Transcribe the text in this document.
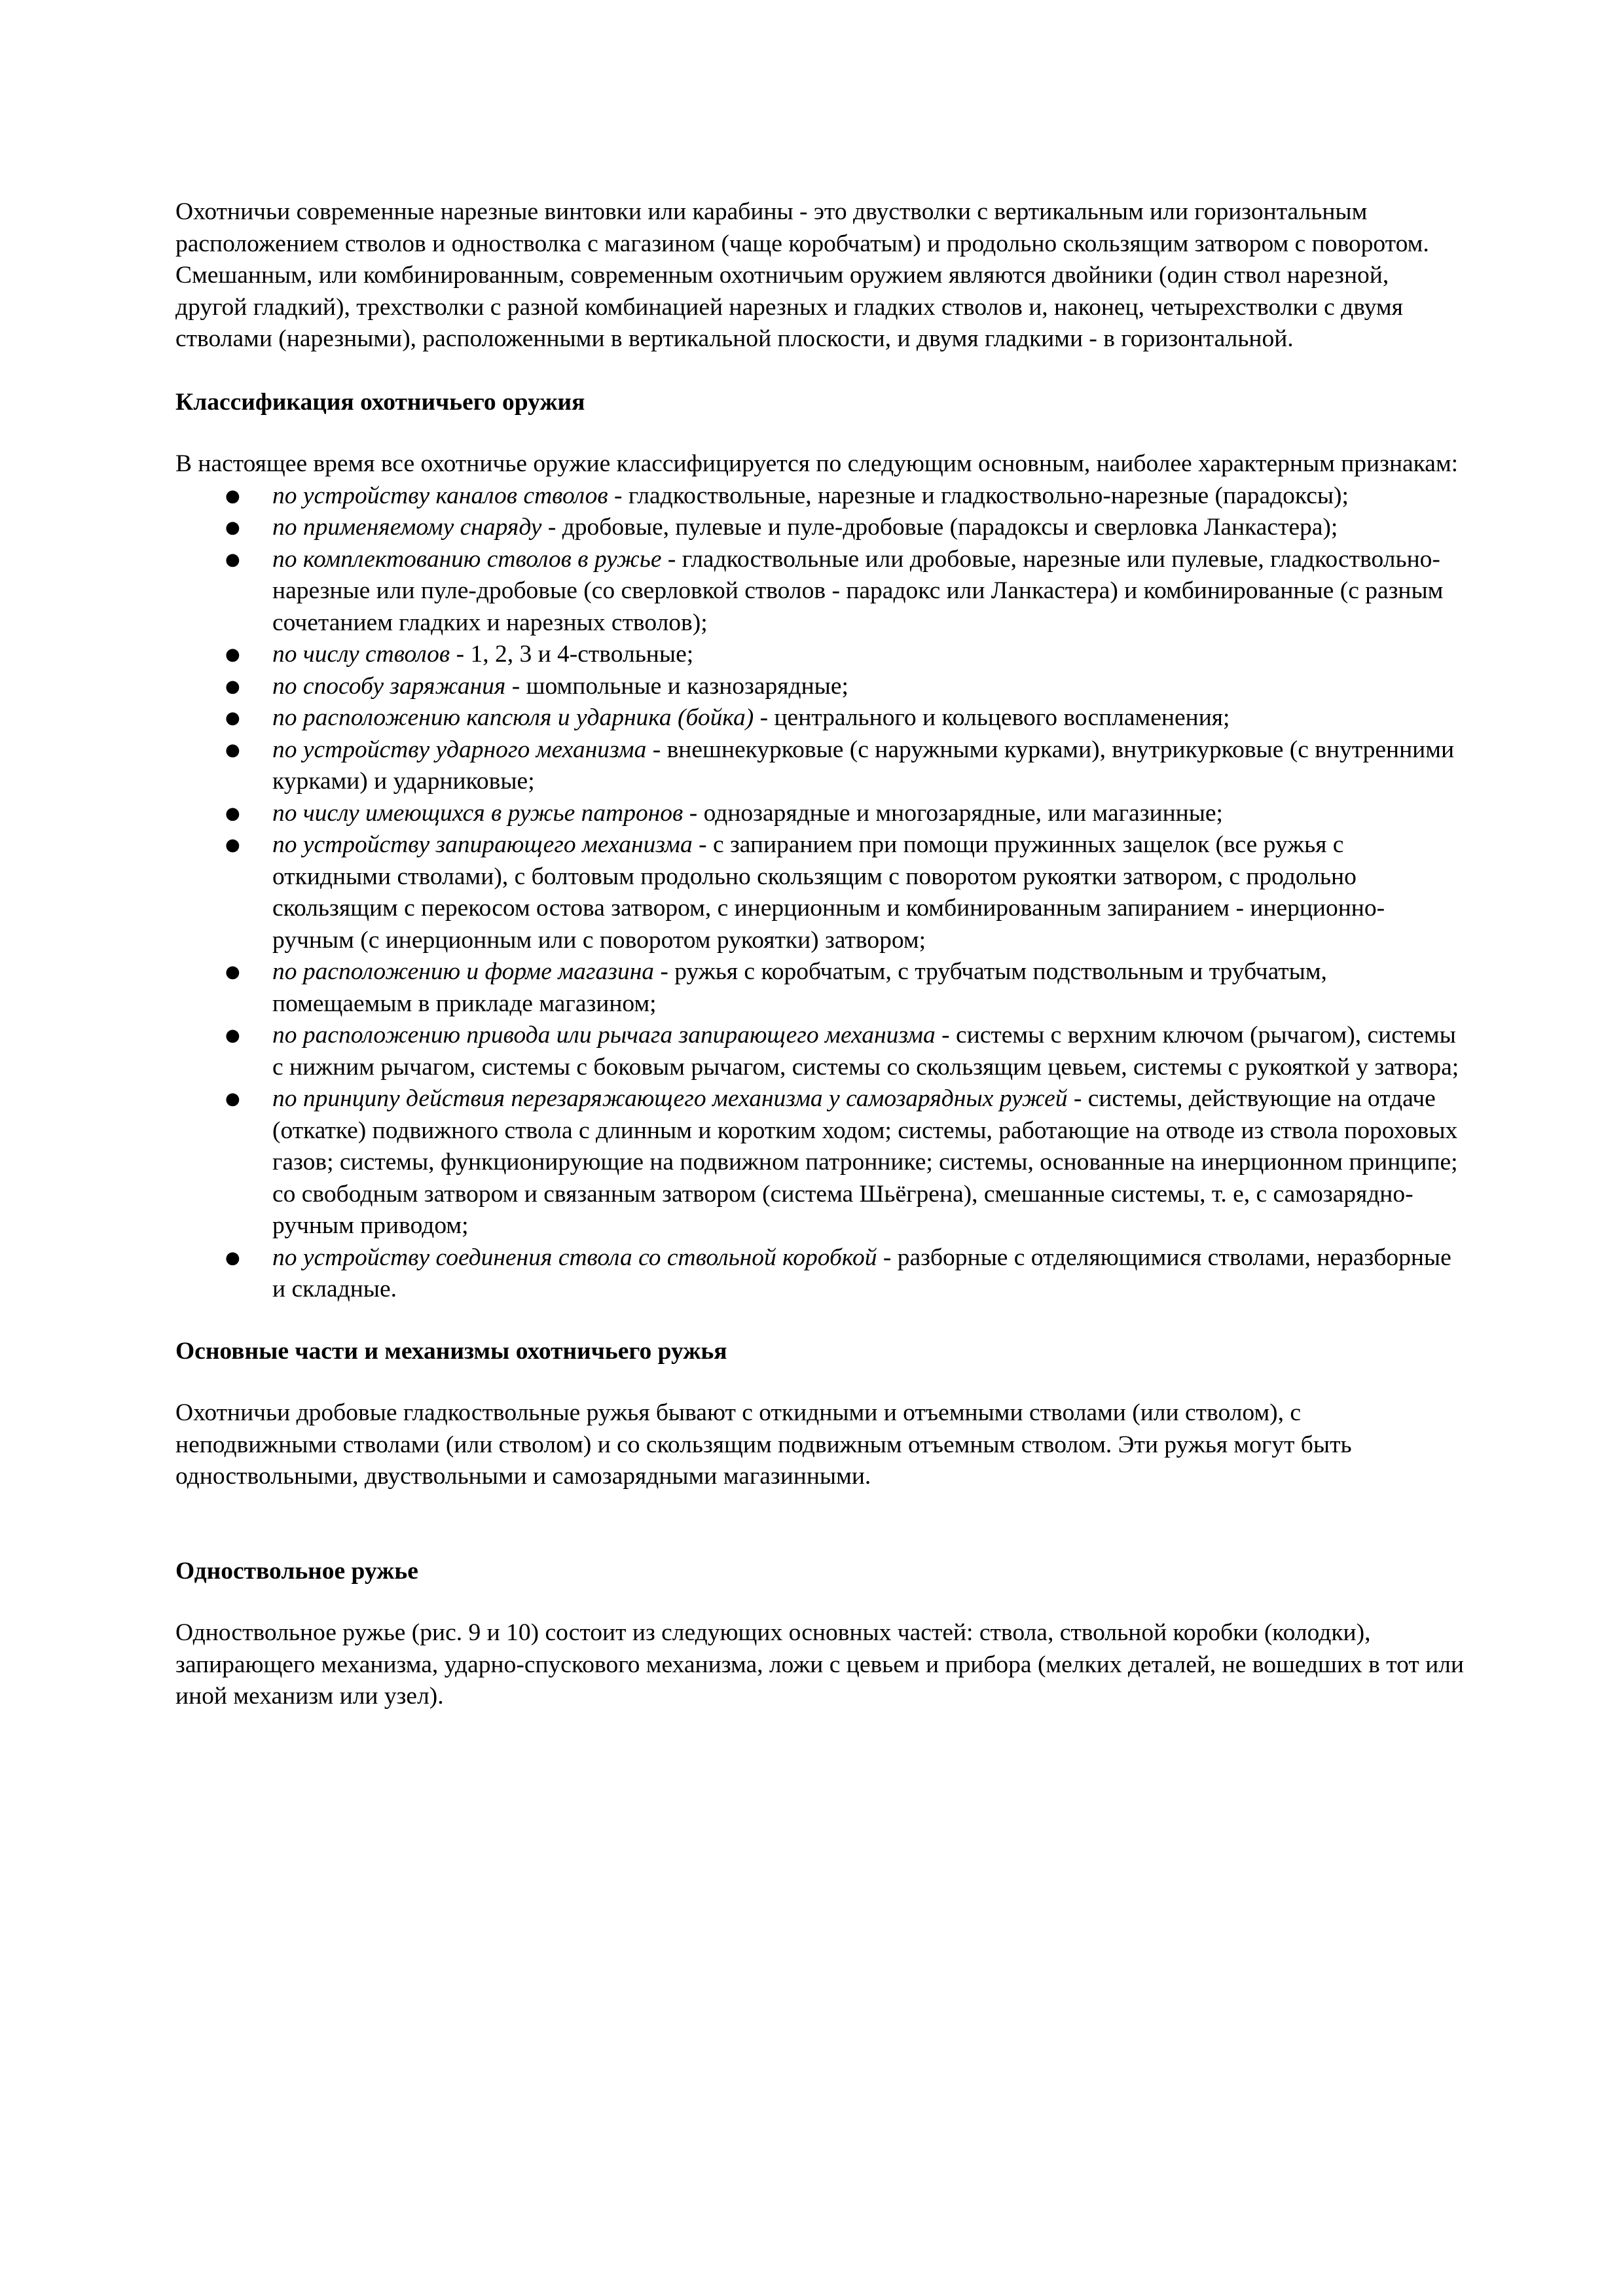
Охотничьи современные нарезные винтовки или карабины - это двустволки с вертикальным или горизонтальным расположением стволов и одностволка с магазином (чаще коробчатым) и продольно скользящим затвором с поворотом.

Смешанным, или комбинированным, современным охотничьим оружием являются двойники (один ствол нарезной, другой гладкий), трехстволки с разной комбинацией нарезных и гладких стволов и, наконец, четырехстволки с двумя стволами (нарезными), расположенными в вертикальной плоскости, и двумя гладкими - в горизонтальной.

Классификация охотничьего оружия

В настоящее время все охотничье оружие классифицируется по следующим основным, наиболее характерным признакам:

● по устройству каналов стволов - гладкоствольные, нарезные и гладкоствольно-нарезные (парадоксы);
● по применяемому снаряду - дробовые, пулевые и пуле-дробовые (парадоксы и сверловка Ланкастера);
● по комплектованию стволов в ружье - гладкоствольные или дробовые, нарезные или пулевые, гладкоствольно-нарезные или пуле-дробовые (со сверловкой стволов - парадокс или Ланкастера) и комбинированные (с разным сочетанием гладких и нарезных стволов);
● по числу стволов - 1, 2, 3 и 4-ствольные;
● по способу заряжания - шомпольные и казнозарядные;
● по расположению капсюля и ударника (бойка) - центрального и кольцевого воспламенения;
● по устройству ударного механизма - внешнекурковые (с наружными курками), внутрикурковые (с внутренними курками) и ударниковые;
● по числу имеющихся в ружье патронов - однозарядные и многозарядные, или магазинные;
● по устройству запирающего механизма - с запиранием при помощи пружинных защелок (все ружья с откидными стволами), с болтовым продольно скользящим с поворотом рукоятки затвором, с продольно скользящим с перекосом остова затвором, с инерционным и комбинированным запиранием - инерционно-ручным (с инерционным или с поворотом рукоятки) затвором;
● по расположению и форме магазина - ружья с коробчатым, с трубчатым подствольным и трубчатым, помещаемым в прикладе магазином;
● по расположению привода или рычага запирающего механизма - системы с верхним ключом (рычагом), системы с нижним рычагом, системы с боковым рычагом, системы со скользящим цевьем, системы с рукояткой у затвора;
● по принципу действия перезаряжающего механизма у самозарядных ружей - системы, действующие на отдаче (откатке) подвижного ствола с длинным и коротким ходом; системы, работающие на отводе из ствола пороховых газов; системы, функционирующие на подвижном патроннике; системы, основанные на инерционном принципе; со свободным затвором и связанным затвором (система Шьёгрена), смешанные системы, т. е, с самозарядно-ручным приводом;
● по устройству соединения ствола со ствольной коробкой - разборные с отделяющимися стволами, неразборные и складные.

Основные части и механизмы охотничьего ружья

Охотничьи дробовые гладкоствольные ружья бывают с откидными и отъемными стволами (или стволом), с неподвижными стволами (или стволом) и со скользящим подвижным отъемным стволом. Эти ружья могут быть одноствольными, двуствольными и самозарядными магазинными.

Одноствольное ружье

Одноствольное ружье (рис. 9 и 10) состоит из следующих основных частей: ствола, ствольной коробки (колодки), запирающего механизма, ударно-спускового механизма, ложи с цевьем и прибора (мелких деталей, не вошедших в тот или иной механизм или узел).
